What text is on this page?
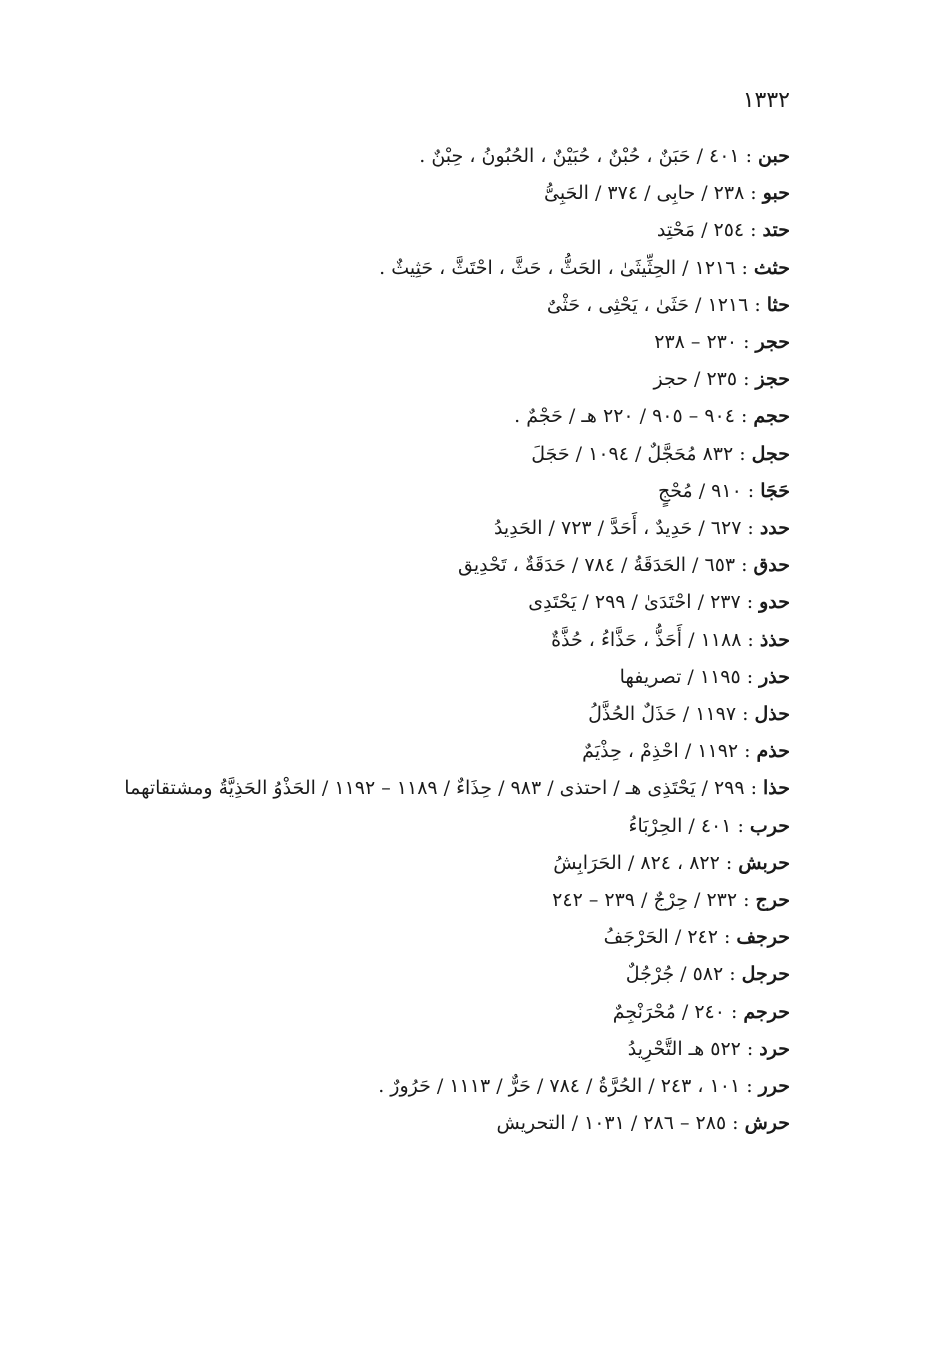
١٣٣٢
حبن:٤٠١ / حَبَنٌ ، حُبْنٌ ، حُبَيْنٌ ، الحُبُونُ ، حِبْنٌ .
حبو:٢٣٨ / حابِى / ٣٧٤ / الحَبِىُّ
حتد:٢٥٤ / مَحْتِد
حثث:١٢١٦ / الحِثِّيثَىٰ ، الحَثُّ ، حَثَّ ، احْتَثَّ ، حَثِيثٌ .
حثا:١٢١٦ / حَثَىٰ ، يَحْثِى ، حَثْىٌ
حجر:٢٣٠ – ٢٣٨
حجز:٢٣٥ / حجز
حجم:٩٠٤ – ٩٠٥ / ٢٢٠ هـ / حَجْمٌ .
حجل:٨٣٢ مُحَجَّلٌ / ١٠٩٤ / حَجَلَ
حَجَا:٩١٠ / مُحْجٍ
حدد:٦٢٧ / حَدِيدٌ ، أَحَدَّ / ٧٢٣ / الحَدِيدُ
حدق:٦٥٣ / الحَدَقَةُ / ٧٨٤ / حَدَقَةٌ ، تَحْدِيق
حدو:٢٣٧ / احْتَدَىٰ / ٢٩٩ / يَحْتَدِى
حذذ:١١٨٨ / أَحَذُّ ، حَذَّاءُ ، حُذَّةٌ
حذر:١١٩٥ / تصريفها
حذل:١١٩٧ / حَذَلٌ الحُذَّلُ
حذم:١١٩٢ / احْذِمْ ، حِذْيَمٌ
حذا:٢٩٩ / يَحْتَذِى هـ / احتذى / ٩٨٣ / حِذَاءٌ / ١١٨٩ – ١١٩٢ / الحَذْوُ الحَذِيَّةُ ومشتقاتهما
حرب:٤٠١ / الحِرْبَاءُ
حربش:٨٢٢ ، ٨٢٤ / الحَرَابِشُ
حرج:٢٣٢ / حِرْجٌ / ٢٣٩ – ٢٤٢
حرجف:٢٤٢ / الحَرْجَفُ
حرجل:٥٨٢ / جُرْجُلٌ
حرجم:٢٤٠ / مُحْرَنْجِمٌ
حرد:٥٢٢ هـ التَّحْرِيدُ
حرر:١٠١ ، ٢٤٣ / الحُرَّةُ / ٧٨٤ / حَرٌّ / ١١١٣ / حَرُورٌ .
حرش:٢٨٥ – ٢٨٦ / ١٠٣١ / التحريش
